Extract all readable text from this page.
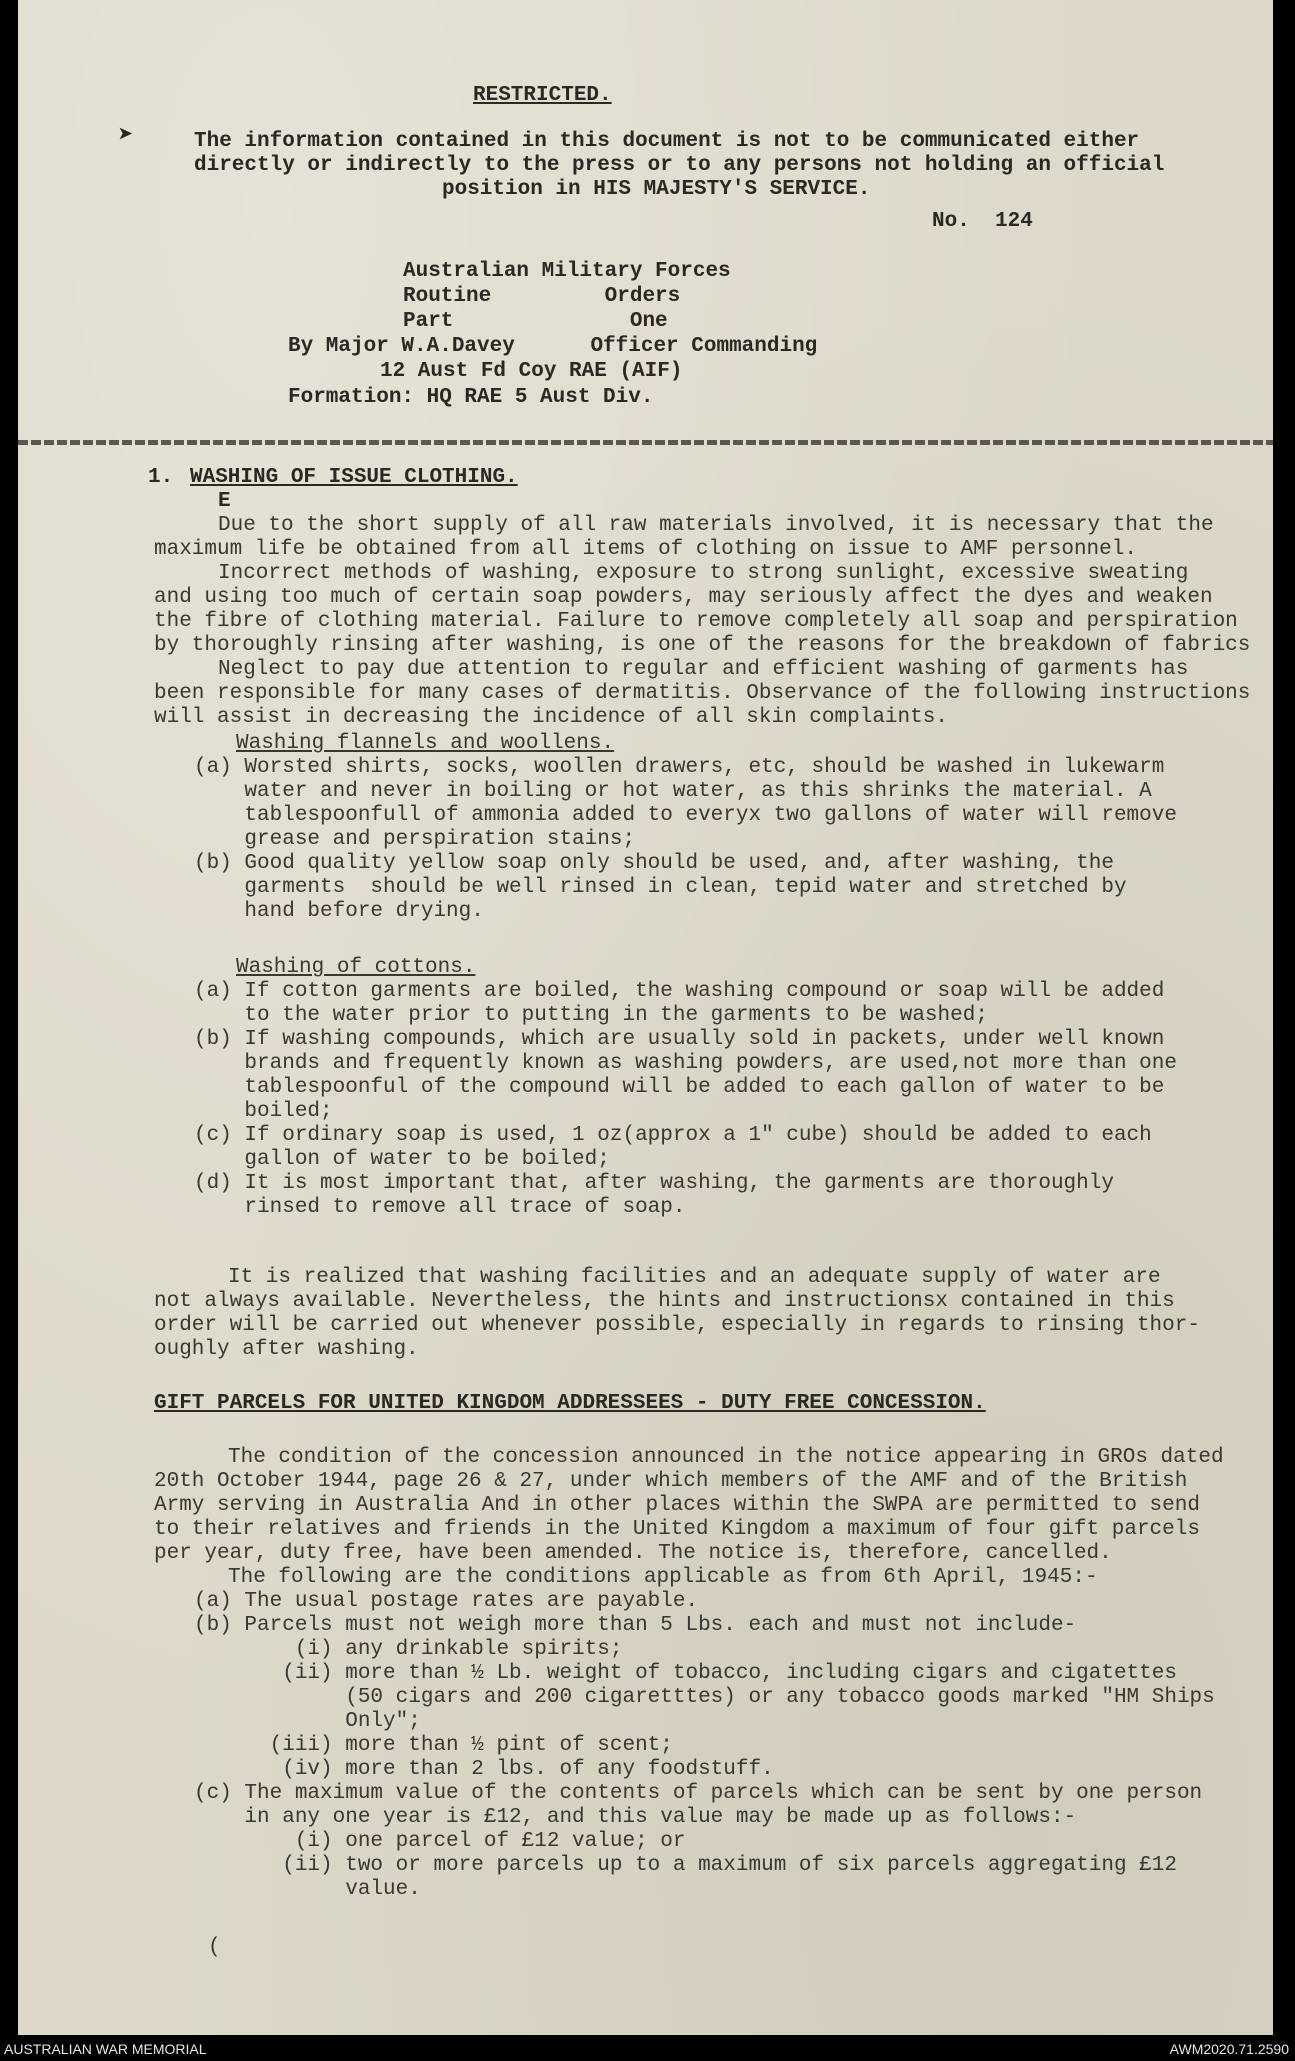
RESTRICTED.
The information contained in this document is not to be communicated either
directly or indirectly to the press or to any persons not holding an official
position in HIS MAJESTY'S SERVICE.
No.  124
Australian Military Forces
Routine         Orders
Part              One
By Major W.A.Davey      Officer Commanding
12 Aust Fd Coy RAE (AIF)
Formation: HQ RAE 5 Aust Div.
1. WASHING OF ISSUE CLOTHING.
E
Due to the short supply of all raw materials involved, it is necessary that the
maximum life be obtained from all items of clothing on issue to AMF personnel.
Incorrect methods of washing, exposure to strong sunlight, excessive sweating
and using too much of certain soap powders, may seriously affect the dyes and weaken
the fibre of clothing material. Failure to remove completely all soap and perspiration
by thoroughly rinsing after washing, is one of the reasons for the breakdown of fabrics
Neglect to pay due attention to regular and efficient washing of garments has
been responsible for many cases of dermatitis. Observance of the following instructions
will assist in decreasing the incidence of all skin complaints.
Washing flannels and woollens.
(a) Worsted shirts, socks, woollen drawers, etc, should be washed in lukewarm
water and never in boiling or hot water, as this shrinks the material. A
tablespoonfull of ammonia added to everyx two gallons of water will remove
grease and perspiration stains;
(b) Good quality yellow soap only should be used, and, after washing, the
garments  should be well rinsed in clean, tepid water and stretched by
hand before drying.
Washing of cottons.
(a) If cotton garments are boiled, the washing compound or soap will be added
to the water prior to putting in the garments to be washed;
(b) If washing compounds, which are usually sold in packets, under well known
brands and frequently known as washing powders, are used,not more than one
tablespoonful of the compound will be added to each gallon of water to be
boiled;
(c) If ordinary soap is used, 1 oz(approx a 1" cube) should be added to each
gallon of water to be boiled;
(d) It is most important that, after washing, the garments are thoroughly
rinsed to remove all trace of soap.
It is realized that washing facilities and an adequate supply of water are
not always available. Nevertheless, the hints and instructionsx contained in this
order will be carried out whenever possible, especially in regards to rinsing thor-
oughly after washing.
GIFT PARCELS FOR UNITED KINGDOM ADDRESSEES - DUTY FREE CONCESSION.
The condition of the concession announced in the notice appearing in GROs dated
20th October 1944, page 26 & 27, under which members of the AMF and of the British
Army serving in Australia And in other places within the SWPA are permitted to send
to their relatives and friends in the United Kingdom a maximum of four gift parcels
per year, duty free, have been amended. The notice is, therefore, cancelled.
The following are the conditions applicable as from 6th April, 1945:-
(a) The usual postage rates are payable.
(b) Parcels must not weigh more than 5 Lbs. each and must not include-
(i) any drinkable spirits;
(ii) more than ½ Lb. weight of tobacco, including cigars and cigatettes
(50 cigars and 200 cigaretttes) or any tobacco goods marked "HM Ships
Only";
(iii) more than ½ pint of scent;
(iv) more than 2 lbs. of any foodstuff.
(c) The maximum value of the contents of parcels which can be sent by one person
in any one year is £12, and this value may be made up as follows:-
(i) one parcel of £12 value; or
(ii) two or more parcels up to a maximum of six parcels aggregating £12
value.
(
➤
AUSTRALIAN WAR MEMORIAL	AWM2020.71.2590
